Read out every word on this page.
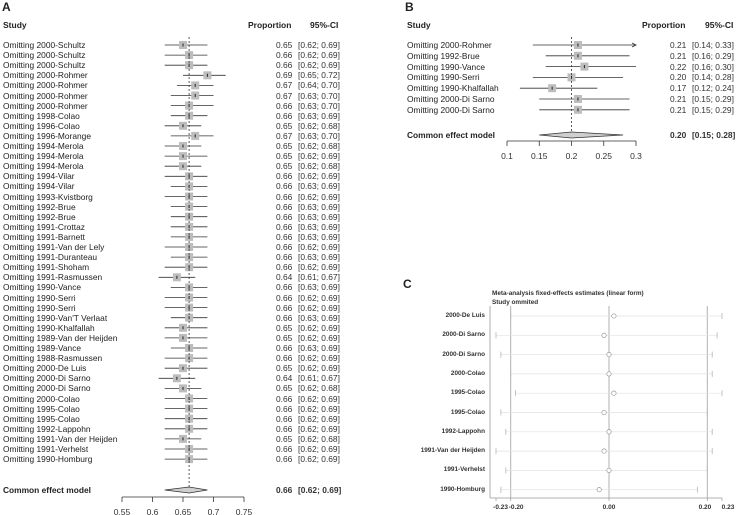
A	B
C
Study	Proportion 95%-CI
Omitting 2000-Schultz	0.65 [0.62; 0.69]
Omitting 2000-Schultz	0.66 [0.62; 0.69]
Omitting 2000-Schultz	0.66 [0.62; 0.69]
Omitting 2000-Rohmer	0.69 [0.65; 0.72]
Omitting 2000-Rohmer	0.67 [0.64; 0.70]
Omitting 2000-Rohmer	0.67 [0.63; 0.70]
Omitting 2000-Rohmer	0.66 [0.63; 0.70]
Omitting 1998-Colao	0.66 [0.63; 0.69]
Omitting 1996-Colao	0.65 [0.62; 0.68]
Omitting 1996-Morange	0.67 [0.63; 0.70]
Omitting 1994-Merola	0.65 [0.62; 0.68]
Omitting 1994-Merola	0.65 [0.62; 0.69]
Omitting 1994-Merola	0.65 [0.62; 0.68]
Omitting 1994-Vilar	0.66 [0.62; 0.69]
Omitting 1994-Vilar	0.66 [0.63; 0.69]
Omitting 1993-Kvistborg	0.66 [0.62; 0.69]
Omitting 1992-Brue	0.66 [0.63; 0.69]
Omitting 1992-Brue	0.66 [0.63; 0.69]
Omitting 1991-Crottaz	0.66 [0.63; 0.69]
Omitting 1991-Barnett	0.66 [0.63; 0.69]
Omitting 1991-Van der Lely	0.66 [0.62; 0.69]
Omitting 1991-Duranteau	0.66 [0.63; 0.69]
Omitting 1991-Shoham	0.66 [0.62; 0.69]
Omitting 1991-Rasmussen	0.64 [0.61; 0.67]
Omitting 1990-Vance	0.66 [0.63; 0.69]
Omitting 1990-Serri	0.66 [0.62; 0.69]
Omitting 1990-Serri	0.66 [0.62; 0.69]
Omitting 1990-Van'T Verlaat	0.66 [0.63; 0.69]
Omitting 1990-Khalfallah	0.65 [0.62; 0.69]
Omitting 1989-Van der Heijden	0.65 [0.62; 0.69]
Omitting 1989-Vance	0.66 [0.63; 0.69]
Omitting 1988-Rasmussen	0.66 [0.62; 0.69]
Omitting 2000-De Luis	0.65 [0.62; 0.69]
Omitting 2000-Di Sarno	0.64 [0.61; 0.67]
Omitting 2000-Di Sarno	0.65 [0.62; 0.68]
Omitting 2000-Colao	0.66 [0.62; 0.69]
Omitting 1995-Colao	0.66 [0.62; 0.69]
Omitting 1995-Colao	0.66 [0.62; 0.69]
Omitting 1992-Lappohn	0.66 [0.62; 0.69]
Omitting 1991-Van der Heijden	0.65 [0.62; 0.68]
Omitting 1991-Verhelst	0.66 [0.62; 0.69]
Omitting 1990-Homburg	0.66 [0.62; 0.69]
0.55 0.6 0.65 0.7 0.75
Common effect model	0.66 [0.62; 0.69]
Study	Proportion 95%-CI
Omitting 2000-Rohmer	0.21 [0.14; 0.33]
Omitting 1992-Brue	0.21 [0.16; 0.29]
Omitting 1990-Vance	0.22 [0.16; 0.30]
Omitting 1990-Serri	0.20 [0.14; 0.28]
Omitting 1990-Khalfallah	0.17 [0.12; 0.24]
Omitting 2000-Di Sarno	0.21 [0.15; 0.29]
Omitting 2000-Di Sarno	0.21 [0.15; 0.29]
0.1 0.15 0.2 0.25 0.3
Common effect model	0.20 [0.15; 0.28]
Meta-analysis fixed-effects estimates (linear form)
Study ommited
2000-De Luis
2000-Di Sarno
2000-Di Sarno
2000-Colao
1995-Colao
1995-Colao
1992-Lappohn
1991-Van der Heijden
1991-Verhelst
1990-Homburg
-0.23 -0.20	0.00	0.20 0.23
